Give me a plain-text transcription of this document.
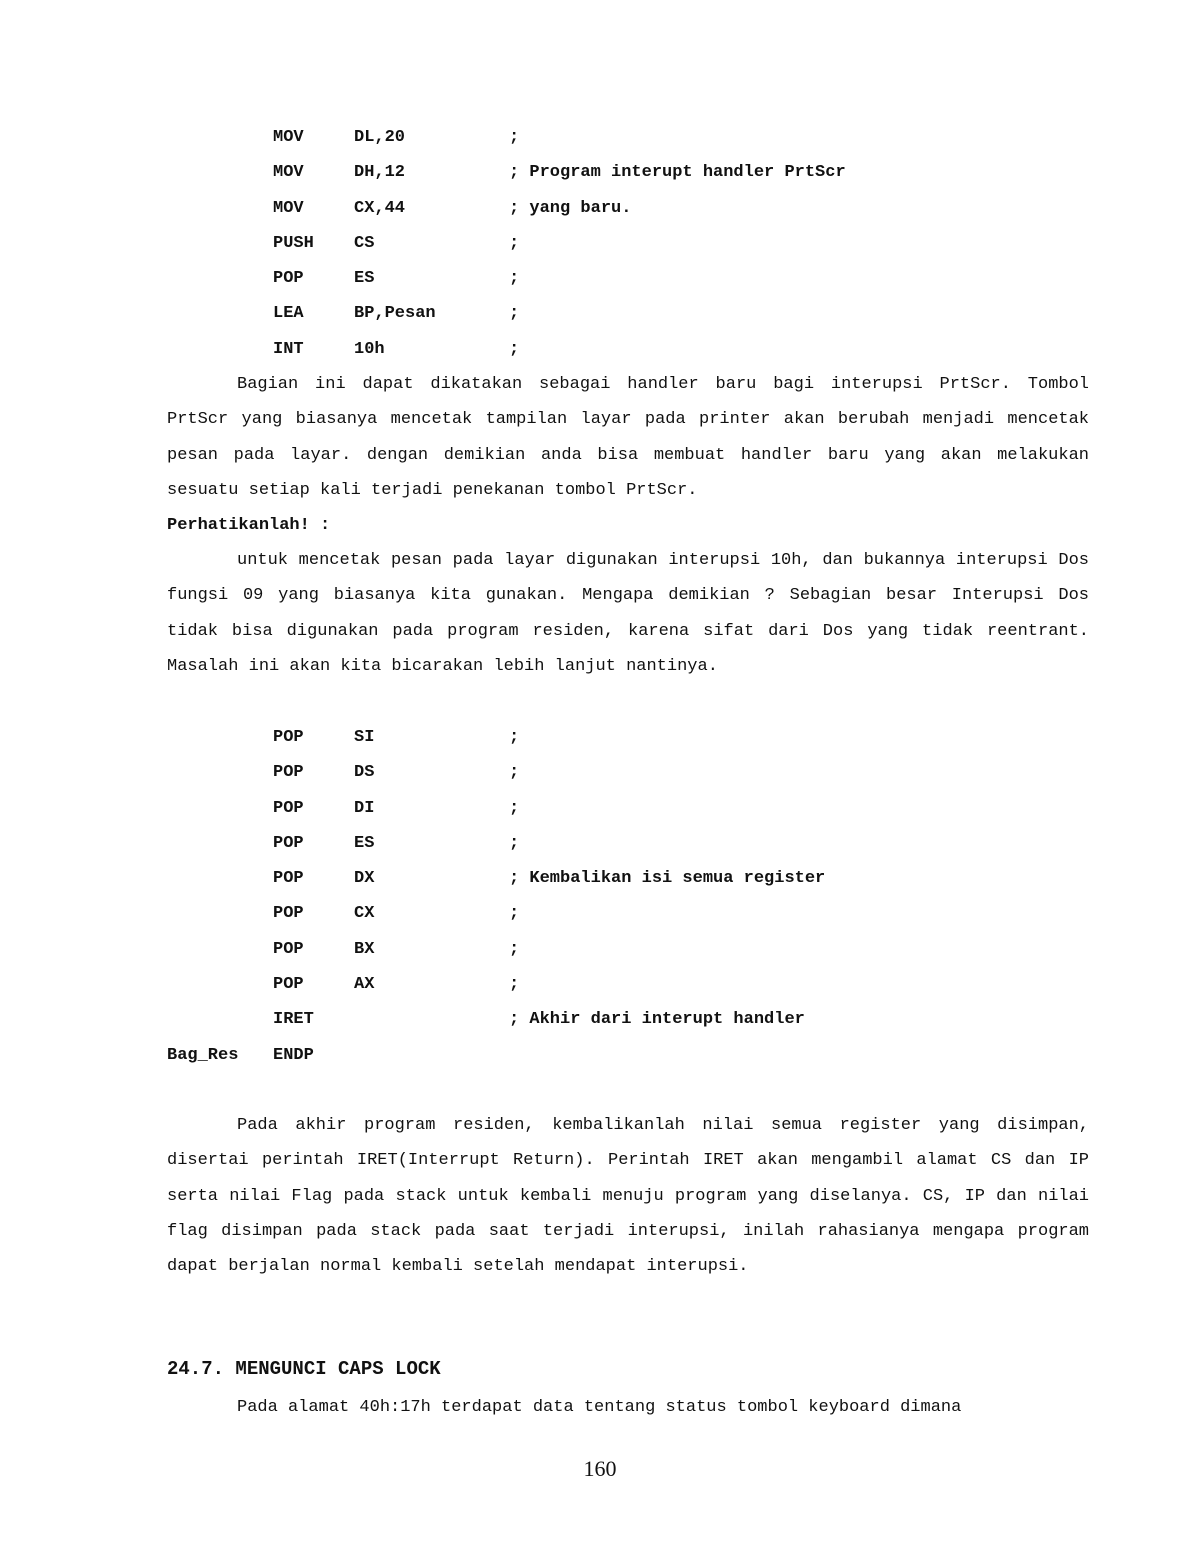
MOV	DL,20	;
MOV	DH,12	; Program interupt handler PrtScr
MOV	CX,44	; yang baru.
PUSH CS	;
POP	ES	;
LEA	BP,Pesan	;
INT	10h	;

Bagian ini dapat dikatakan sebagai handler baru bagi interupsi PrtScr. Tombol PrtScr yang biasanya mencetak tampilan layar pada printer akan berubah menjadi mencetak pesan pada layar. dengan demikian anda bisa membuat handler baru yang akan melakukan sesuatu setiap kali terjadi penekanan tombol PrtScr.

Perhatikanlah! :

untuk mencetak pesan pada layar digunakan interupsi 10h, dan bukannya interupsi Dos fungsi 09 yang biasanya kita gunakan. Mengapa demikian ? Sebagian besar Interupsi Dos tidak bisa digunakan pada program residen, karena sifat dari Dos yang tidak reentrant. Masalah ini akan kita bicarakan lebih lanjut nantinya.

POP	SI	;
POP	DS	;
POP	DI	;
POP	ES	;
POP	DX	; Kembalikan isi semua register
POP	CX	;
POP	BX	;
POP	AX	;
IRET	; Akhir dari interupt handler
Bag_Res ENDP

Pada akhir program residen, kembalikanlah nilai semua register yang disimpan, disertai perintah IRET(Interrupt Return). Perintah IRET akan mengambil alamat CS dan IP serta nilai Flag pada stack untuk kembali menuju program yang diselanya. CS, IP dan nilai flag disimpan pada stack pada saat terjadi interupsi, inilah rahasianya mengapa program dapat berjalan normal kembali setelah mendapat interupsi.

24.7. MENGUNCI CAPS LOCK

Pada alamat 40h:17h terdapat data tentang status tombol keyboard dimana

160
